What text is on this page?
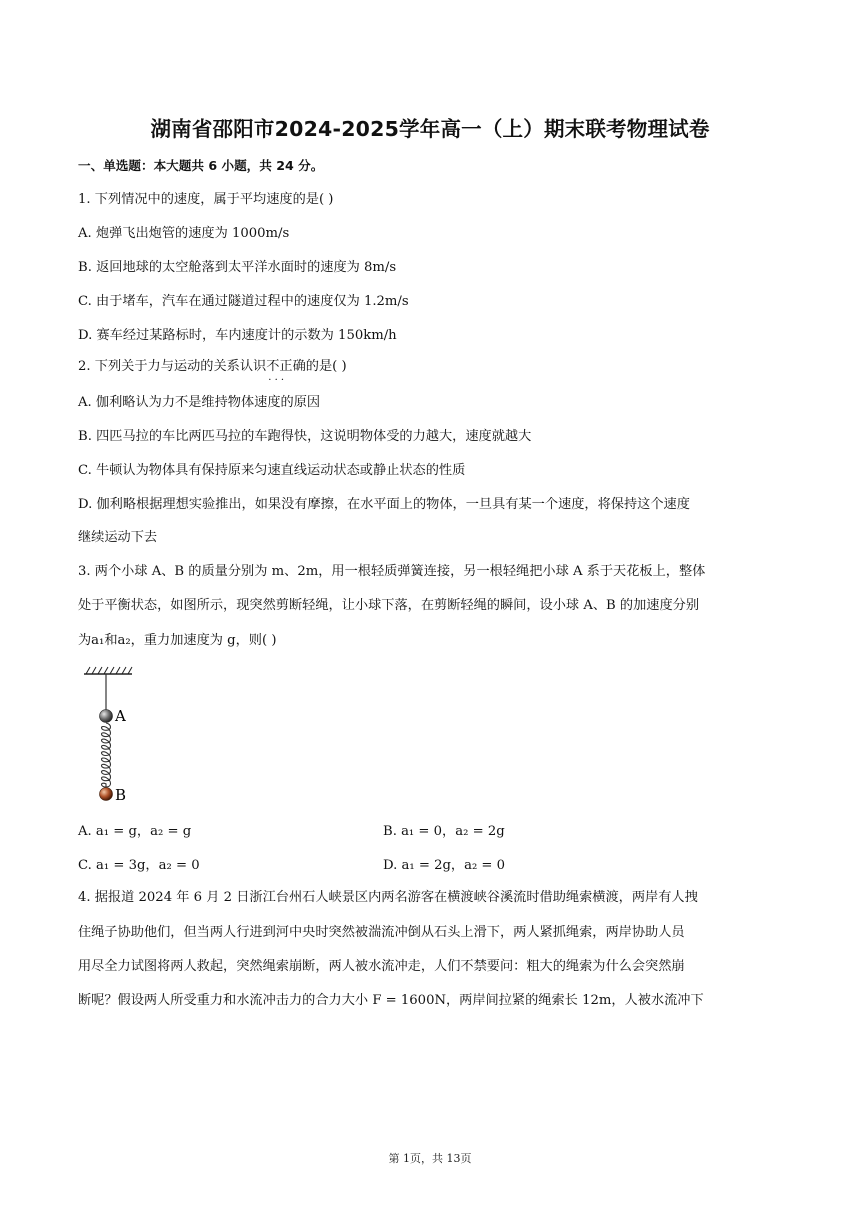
湖南省邵阳市2024-2025学年高一（上）期末联考物理试卷
一、单选题：本大题共 6 小题，共 24 分。
1. 下列情况中的速度，属于平均速度的是( )
A. 炮弹飞出炮管的速度为 1000m/s
B. 返回地球的太空舱落到太平洋水面时的速度为 8m/s
C. 由于堵车，汽车在通过隧道过程中的速度仅为 1.2m/s
D. 赛车经过某路标时，车内速度计的示数为 150km/h
2. 下列关于力与运动的关系认识不正确 · · ·的是( )
A. 伽利略认为力不是维持物体速度的原因
B. 四匹马拉的车比两匹马拉的车跑得快，这说明物体受的力越大，速度就越大
C. 牛顿认为物体具有保持原来匀速直线运动状态或静止状态的性质
D. 伽利略根据理想实验推出，如果没有摩擦，在水平面上的物体，一旦具有某一个速度，将保持这个速度
继续运动下去
3. 两个小球 A、B 的质量分别为 m、2m，用一根轻质弹簧连接，另一根轻绳把小球 A 系于天花板上，整体
处于平衡状态，如图所示，现突然剪断轻绳，让小球下落，在剪断轻绳的瞬间，设小球 A、B 的加速度分别
为a₁和a₂，重力加速度为 g，则( )
A
B
A. a₁ = g，a₂ = g	B. a₁ = 0，a₂ = 2g
C. a₁ = 3g，a₂ = 0	D. a₁ = 2g，a₂ = 0
4. 据报道 2024 年 6 月 2 日浙江台州石人峡景区内两名游客在横渡峡谷溪流时借助绳索横渡，两岸有人拽
住绳子协助他们，但当两人行进到河中央时突然被湍流冲倒从石头上滑下，两人紧抓绳索，两岸协助人员
用尽全力试图将两人救起，突然绳索崩断，两人被水流冲走，人们不禁要问：粗大的绳索为什么会突然崩
断呢？假设两人所受重力和水流冲击力的合力大小 F = 1600N，两岸间拉紧的绳索长 12m，人被水流冲下
第 1页，共 13页
